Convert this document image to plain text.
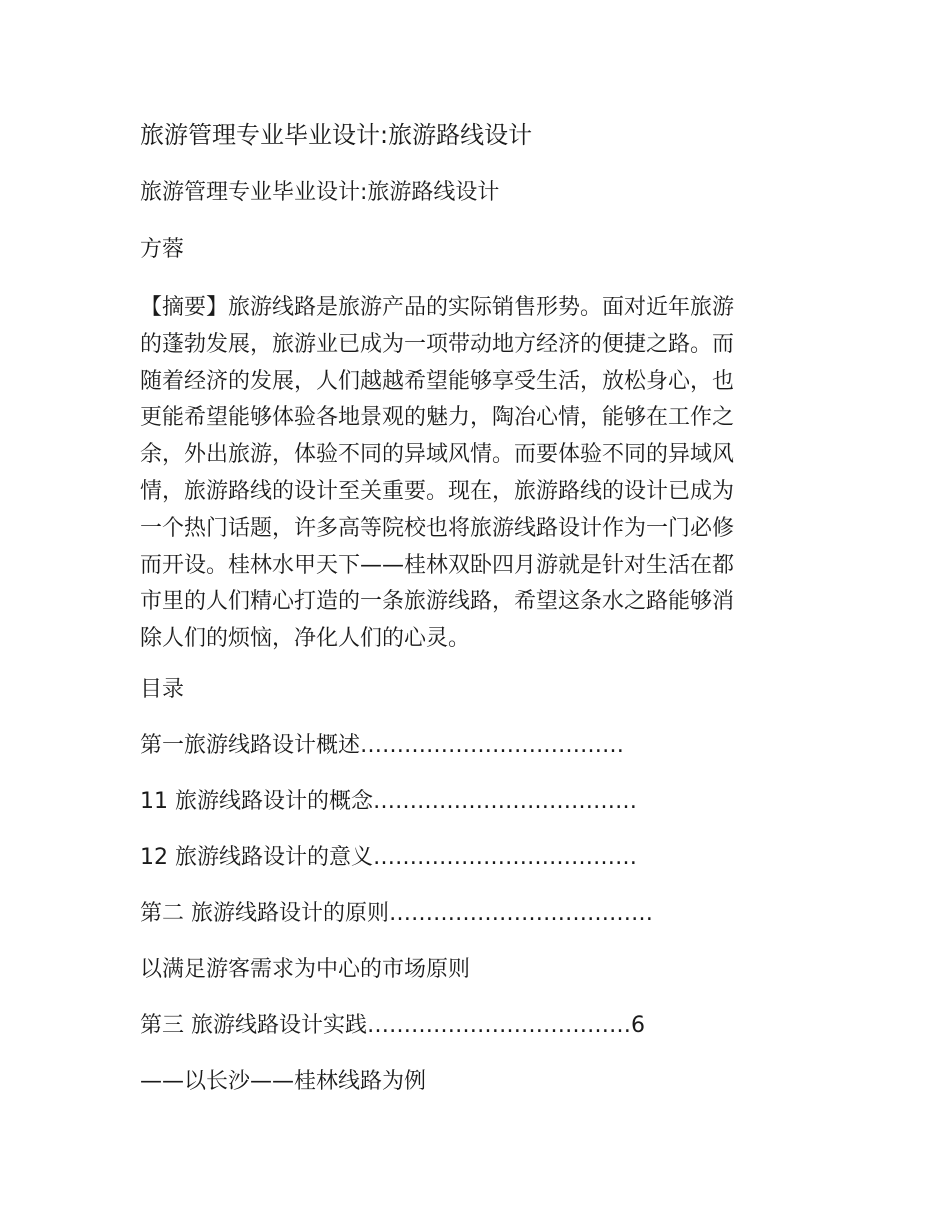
旅游管理专业毕业设计:旅游路线设计

旅游管理专业毕业设计:旅游路线设计

方蓉

【摘要】旅游线路是旅游产品的实际销售形势。面对近年旅游
的蓬勃发展，旅游业已成为一项带动地方经济的便捷之路。而
随着经济的发展，人们越越希望能够享受生活，放松身心，也
更能希望能够体验各地景观的魅力，陶冶心情，能够在工作之
余，外出旅游，体验不同的异域风情。而要体验不同的异域风
情，旅游路线的设计至关重要。现在，旅游路线的设计已成为
一个热门话题，许多高等院校也将旅游线路设计作为一门必修
而开设。桂林水甲天下——桂林双卧四月游就是针对生活在都
市里的人们精心打造的一条旅游线路，希望这条水之路能够消
除人们的烦恼，净化人们的心灵。

目录

第一旅游线路设计概述………………………………

11 旅游线路设计的概念………………………………

12 旅游线路设计的意义………………………………

第二 旅游线路设计的原则………………………………

以满足游客需求为中心的市场原则

第三 旅游线路设计实践………………………………6

——以长沙——桂林线路为例
